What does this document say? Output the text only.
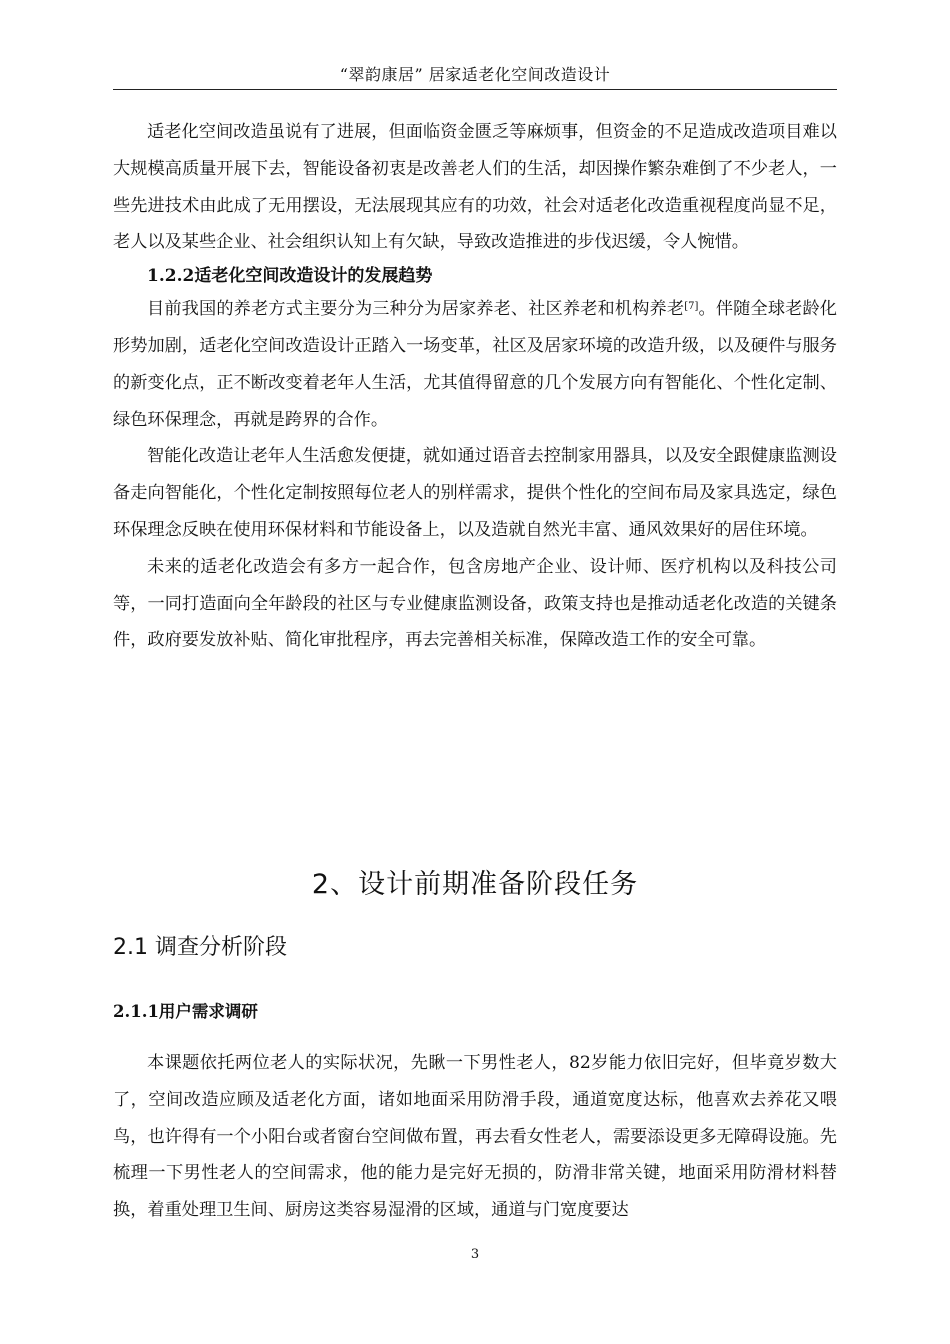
“翠韵康居” 居家适老化空间改造设计

适老化空间改造虽说有了进展，但面临资金匮乏等麻烦事，但资金的不足造成改造项目难以大规模高质量开展下去，智能设备初衷是改善老人们的生活，却因操作繁杂难倒了不少老人，一些先进技术由此成了无用摆设，无法展现其应有的功效，社会对适老化改造重视程度尚显不足，老人以及某些企业、社会组织认知上有欠缺，导致改造推进的步伐迟缓，令人惋惜。

1.2.2适老化空间改造设计的发展趋势

目前我国的养老方式主要分为三种分为居家养老、社区养老和机构养老[7]。伴随全球老龄化形势加剧，适老化空间改造设计正踏入一场变革，社区及居家环境的改造升级，以及硬件与服务的新变化点，正不断改变着老年人生活，尤其值得留意的几个发展方向有智能化、个性化定制、绿色环保理念，再就是跨界的合作。

智能化改造让老年人生活愈发便捷，就如通过语音去控制家用器具，以及安全跟健康监测设备走向智能化，个性化定制按照每位老人的别样需求，提供个性化的空间布局及家具选定，绿色环保理念反映在使用环保材料和节能设备上，以及造就自然光丰富、通风效果好的居住环境。

未来的适老化改造会有多方一起合作，包含房地产企业、设计师、医疗机构以及科技公司等，一同打造面向全年龄段的社区与专业健康监测设备，政策支持也是推动适老化改造的关键条件，政府要发放补贴、简化审批程序，再去完善相关标准，保障改造工作的安全可靠。

2、设计前期准备阶段任务
2.1 调查分析阶段
2.1.1用户需求调研

本课题依托两位老人的实际状况，先瞅一下男性老人，82岁能力依旧完好，但毕竟岁数大了，空间改造应顾及适老化方面，诸如地面采用防滑手段，通道宽度达标，他喜欢去养花又喂鸟，也许得有一个小阳台或者窗台空间做布置，再去看女性老人，需要添设更多无障碍设施。先梳理一下男性老人的空间需求，他的能力是完好无损的，防滑非常关键，地面采用防滑材料替换，着重处理卫生间、厨房这类容易湿滑的区域，通道与门宽度要达

3
